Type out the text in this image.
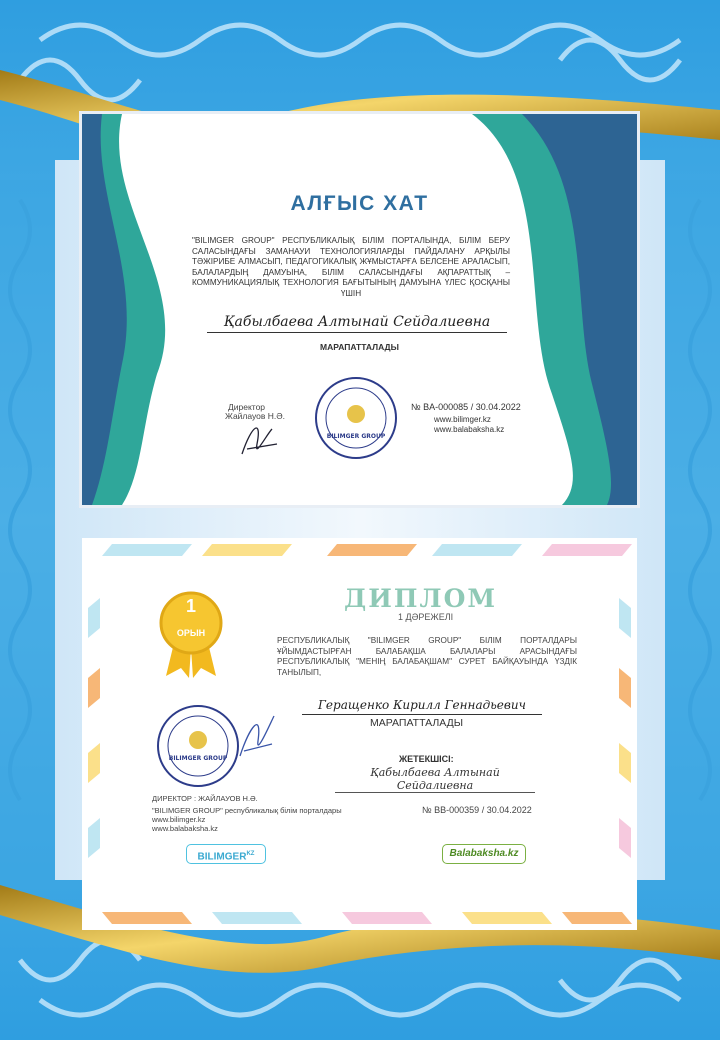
АЛҒЫС ХАТ
"BILIMGER GROUP" РЕСПУБЛИКАЛЫҚ БІЛІМ ПОРТАЛЫНДА, БІЛІМ БЕРУ САЛАСЫНДАҒЫ ЗАМАНАУИ ТЕХНОЛОГИЯЛАРДЫ ПАЙДАЛАНУ АРҚЫЛЫ ТӘЖІРИБЕ АЛМАСЫП, ПЕДАГОГИКАЛЫҚ ЖҰМЫСТАРҒА БЕЛСЕНЕ АРАЛАСЫП, БАЛАЛАРДЫҢ ДАМУЫНА, БІЛІМ САЛАСЫНДАҒЫ АҚПАРАТТЫҚ – КОММУНИКАЦИЯЛЫҚ ТЕХНОЛОГИЯ БАҒЫТЫНЫҢ ДАМУЫНА ҮЛЕС ҚОСҚАНЫ ҮШІН
Қабылбаева Алтынай Сейдалиевна
МАРАПАТТАЛАДЫ
Директор
Жайлауов Н.Ә.
BILIMGER GROUP
№ BA-000085 / 30.04.2022
www.bilimger.kz
www.balabaksha.kz
1
ОРЫН
ДИПЛОМ
1 ДӘРЕЖЕЛІ
РЕСПУБЛИКАЛЫҚ "BILIMGER GROUP" БІЛІМ ПОРТАЛДАРЫ ҰЙЫМДАСТЫРҒАН БАЛАБАҚША БАЛАЛАРЫ АРАСЫНДАҒЫ РЕСПУБЛИКАЛЫҚ "МЕНІҢ БАЛАБАҚШАМ" СУРЕТ БАЙҚАУЫНДА ҮЗДІК ТАНЫЛЫП,
Геращенко Кирилл Геннадьевич
МАРАПАТТАЛАДЫ
ЖЕТЕКШІСІ:
Қабылбаева Алтынай Сейдалиевна
BILIMGER GROUP
ДИРЕКТОР : ЖАЙЛАУОВ Н.Ә.
"BILIMGER GROUP" республикалық білім порталдары
www.bilimger.kz
www.balabaksha.kz
№ BB-000359 / 30.04.2022
$BILIMGER^{KZ}$	Balabaksha.kz
